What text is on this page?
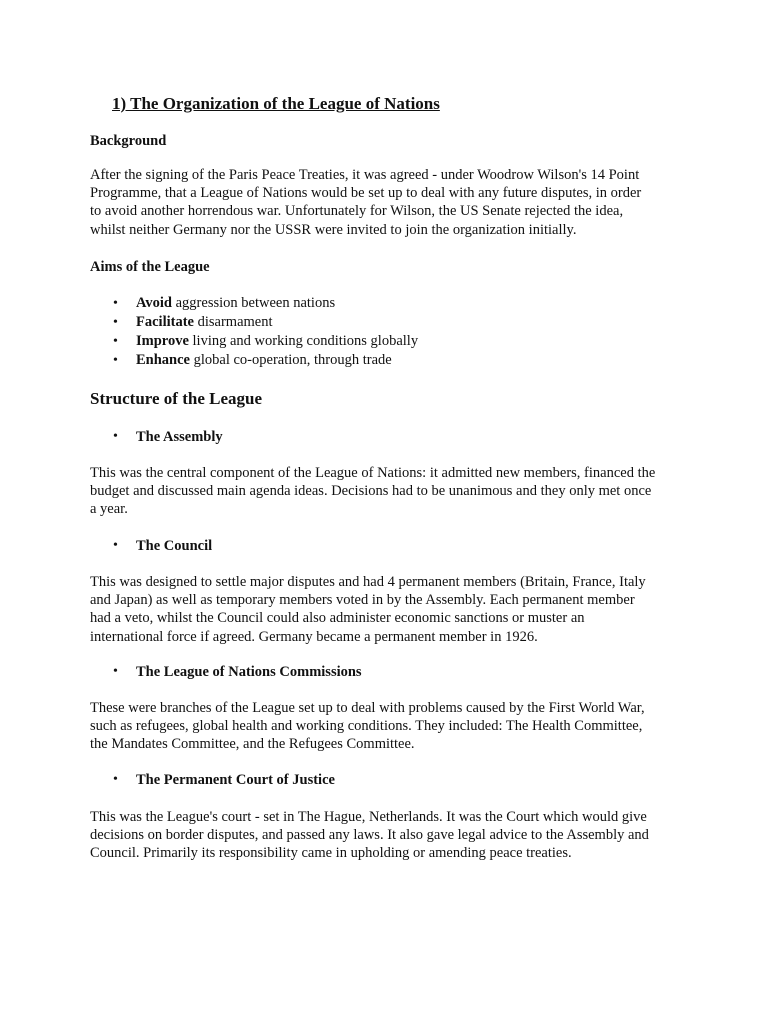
1) The Organization of the League of Nations
Background

After the signing of the Paris Peace Treaties, it was agreed - under Woodrow Wilson's 14 Point
Programme, that a League of Nations would be set up to deal with any future disputes, in order
to avoid another horrendous war. Unfortunately for Wilson, the US Senate rejected the idea,
whilst neither Germany nor the USSR were invited to join the organization initially.

Aims of the League
• Avoid aggression between nations
• Facilitate disarmament
• Improve living and working conditions globally
• Enhance global co-operation, through trade
Structure of the League
• The Assembly

This was the central component of the League of Nations: it admitted new members, financed the
budget and discussed main agenda ideas. Decisions had to be unanimous and they only met once
a year.

• The Council

This was designed to settle major disputes and had 4 permanent members (Britain, France, Italy
and Japan) as well as temporary members voted in by the Assembly. Each permanent member
had a veto, whilst the Council could also administer economic sanctions or muster an
international force if agreed. Germany became a permanent member in 1926.

• The League of Nations Commissions

These were branches of the League set up to deal with problems caused by the First World War,
such as refugees, global health and working conditions. They included: The Health Committee,
the Mandates Committee, and the Refugees Committee.

• The Permanent Court of Justice

This was the League's court - set in The Hague, Netherlands. It was the Court which would give
decisions on border disputes, and passed any laws. It also gave legal advice to the Assembly and
Council. Primarily its responsibility came in upholding or amending peace treaties.
